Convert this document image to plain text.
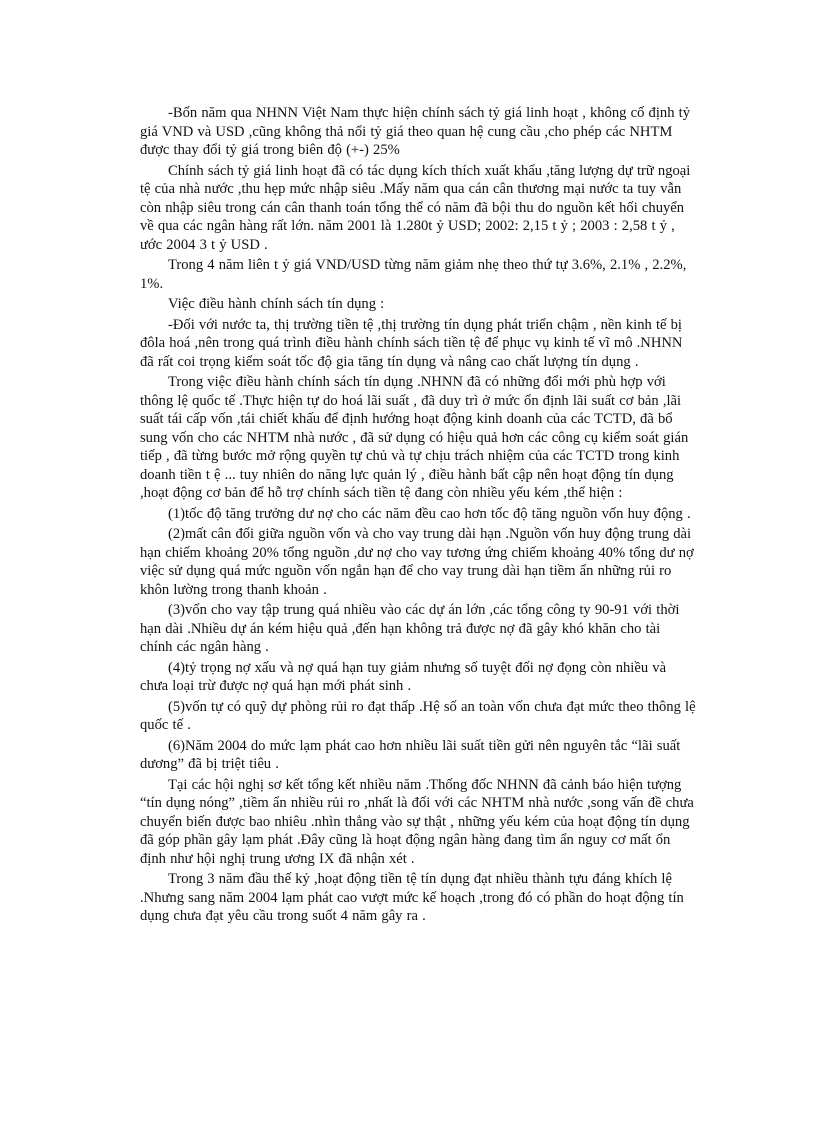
-Bốn năm qua NHNN Việt Nam thực hiện chính sách tỷ giá linh hoạt , không cố định tỷ giá VND và USD ,cũng không thả nổi tỷ giá theo quan hệ cung cầu ,cho phép các NHTM được thay đổi tỷ giá trong biên độ (+-) 25%

Chính sách tỷ giá linh hoạt đã có tác dụng kích thích xuất khẩu ,tăng lượng dự trữ ngoại tệ của nhà nước ,thu hẹp mức nhập siêu .Mấy năm qua cán cân thương mại nước ta tuy vẫn còn nhập siêu trong cán cân thanh toán tổng thể có năm đã bội thu do nguồn kết hối chuyển về qua các ngân hàng rất lớn. năm 2001 là 1.280t ỷ USD; 2002: 2,15 t ỷ ; 2003 : 2,58 t ỷ , ước 2004 3 t ỷ USD .

Trong 4 năm liên t ỷ giá VND/USD từng năm giảm nhẹ theo thứ tự 3.6%, 2.1% , 2.2%, 1%.

Việc điều hành chính sách tín dụng :

-Đối với nước ta, thị trường tiền tệ ,thị trường tín dụng phát triển chậm , nền kinh tế bị đôla hoá ,nên trong quá trình điều hành chính sách tiền tệ để phục vụ kinh tế vĩ mô .NHNN đã rất coi trọng kiểm soát tốc độ gia tăng tín dụng và nâng cao chất lượng tín dụng .

Trong việc điều hành chính sách tín dụng .NHNN đã có những đổi mới phù hợp với thông lệ quốc tế .Thực hiện tự do hoá lãi suất , đã duy trì ở mức ổn định lãi suất cơ bản ,lãi suất tái cấp vốn ,tái chiết khấu để định hướng hoạt động kinh doanh của các TCTD, đã bổ sung vốn cho các NHTM nhà nước , đã sử dụng có hiệu quả hơn các công cụ kiểm soát gián tiếp , đã từng bước mở rộng quyền tự chủ và tự chịu trách nhiệm của các TCTD trong kinh doanh tiền t ệ ... tuy nhiên do năng lực quản lý , điều hành bất cập nên hoạt động tín dụng ,hoạt động cơ bản để hỗ trợ chính sách tiền tệ đang còn nhiều yếu kém ,thể hiện :

(1)tốc độ tăng trưởng dư nợ cho các năm đều cao hơn tốc độ tăng nguồn vốn huy động .

(2)mất cân đối giữa nguồn vốn và cho vay trung dài hạn .Nguồn vốn huy động trung dài hạn chiếm khoảng 20% tổng nguồn ,dư nợ cho vay tương ứng chiếm khoảng 40% tổng dư nợ việc sử dụng quá mức nguồn vốn ngắn hạn để cho vay trung dài hạn tiềm ẩn những rủi ro khôn lường trong thanh khoản .

(3)vốn cho vay tập trung quá nhiều vào các dự án lớn ,các tổng công ty 90-91 với thời hạn dài .Nhiều dự án kém hiệu quả ,đến hạn không trả được nợ đã gây khó khăn cho tài chính các ngân hàng .

(4)tỷ trọng nợ xấu và nợ quá hạn tuy giảm nhưng số tuyệt đối nợ đọng còn nhiều và chưa loại trừ được nợ quá hạn mới phát sinh .

(5)vốn tự có quỹ dự phòng rủi ro đạt thấp .Hệ số an toàn vốn chưa đạt mức theo thông lệ quốc tế .

(6)Năm 2004 do mức lạm phát cao hơn nhiều lãi suất tiền gửi nên nguyên tắc “lãi suất dương” đã bị triệt tiêu .

Tại các hội nghị sơ kết tổng kết nhiều năm .Thống đốc NHNN đã cảnh báo hiện tượng “tín dụng nóng” ,tiềm ẩn nhiều rủi ro ,nhất là đối với các NHTM nhà nước ,song vấn đề chưa chuyển biến được bao nhiêu .nhìn thẳng vào sự thật , những yếu kém của hoạt động tín dụng đã góp phần gây lạm phát .Đây cũng là hoạt động ngân hàng đang tìm ẩn nguy cơ mất ổn định như hội nghị trung ương IX đã nhận xét .

Trong 3 năm đầu thế kỷ ,hoạt động tiền tệ tín dụng đạt nhiều thành tựu đáng khích lệ .Nhưng sang năm 2004 lạm phát cao vượt mức kế hoạch ,trong đó có phần do hoạt động tín dụng chưa đạt yêu cầu trong suốt 4 năm gây ra .
